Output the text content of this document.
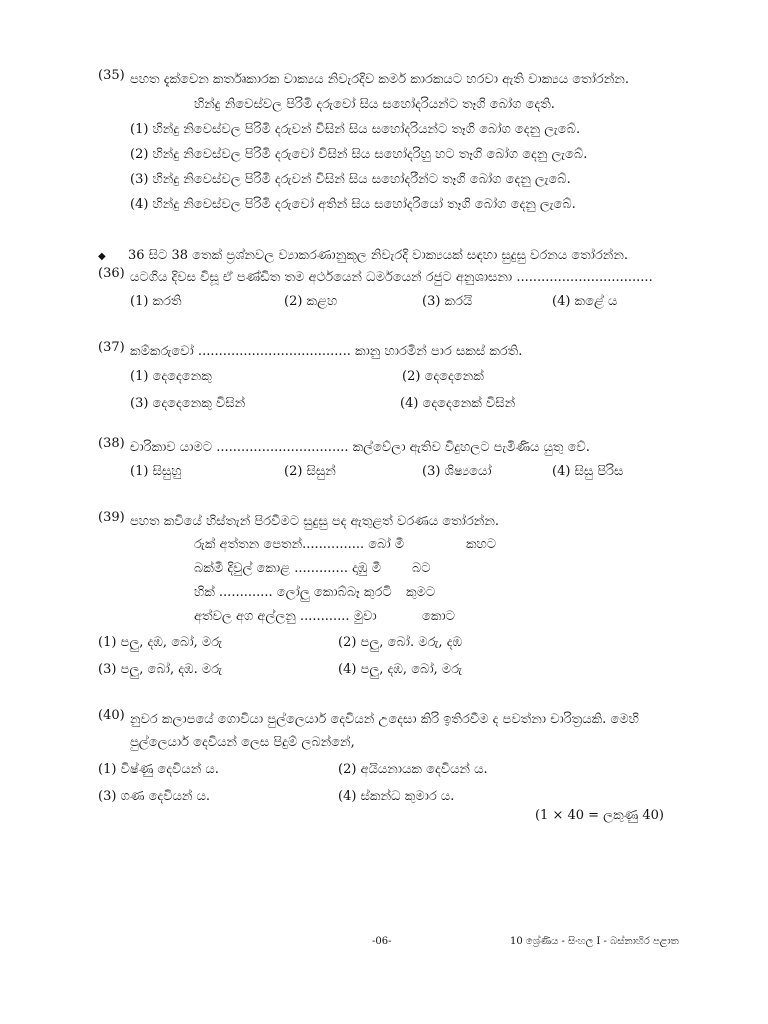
(35) පහත දැක්වෙන කර්තෘකාරක වාක්‍යය නිවැරදිව කර්ම කාරකයට හරවා ඇති වාක්‍යය තෝරන්න.
හින්දු නිවෙස්වල පිරිමි දරුවෝ සිය සහෝදරියන්ට තෑගි බෝග දෙති.
(1) හින්දු නිවෙස්වල පිරිමි දරුවන් විසින් සිය සහෝදරියන්ට තෑගි බෝග දෙනු ලැබේ.
(2) හින්දු නිවෙස්වල පිරිමි දරුවෝ විසින් සිය සහෝදරිහු හට තෑගි බෝග දෙනු ලැබේ.
(3) හින්දු නිවෙස්වල පිරිමි දරුවන් විසින් සිය සහෝදරීන්ට තෑගි බෝග දෙනු ලැබේ.
(4) හින්දු නිවෙස්වල පිරිමි දරුවෝ අතින් සිය සහෝදරියෝ තෑගි බෝග දෙනු ලැබේ.
◆ 36 සිට 38 තෙක් ප්‍රශ්නවල ව්‍යාකරණානුකූල නිවැරදි වාක්‍යයක් සඳහා සුදුසු වරනය තෝරන්න.
(36) යටගිය දිවස විසූ ඒ පණ්ඩිත තම අර්ථයෙන් ධර්මයෙන් රජුට අනුශාසනා .................................
(1) කරති	(2) කළහ	(3) කරයි	(4) කළේ ය
(37) කම්කරුවෝ ..................................... කානු හාරමින් පාර සකස් කරති.
(1) දෙදෙනෙකු	(2) දෙදෙනෙක්
(3) දෙදෙනෙකු විසින්	(4) දෙදෙනෙක් විසින්
(38) චාරිකාව යාමට ................................ කල්වේලා ඇතිව විදුහලට පැමිණිය යුතු වේ.
(1) සිසුහු	(2) සිසුන්	(3) ශිෂ්‍යයෝ	(4) සිසු පිරිස
(39) පහත කවියේ හිස්තැන් පිරවීමට සුදුසු පද ඇතුළත් වරණය තෝරන්න.
රුක් අත්තන පෙතන්............... බෝ මී	කහට
බක්මී දිවුල් කොළ ............. දාඹු මී	බට
හික් ............. ලෝලු කොබ්බෑ කුරටි	කුමට
අත්වල අග අල්ලනු ............ මුවා	කොට
(1) පලු, දඹ, බෝ, මරු	(2) පලු, බෝ. මරු, දඹ
(3) පලු, බෝ, දඹ. මරු	(4) පලු, දඹ, බෝ, මරු
(40) නුවර කලාපයේ ගොවියා පුල්ලෙයාර් දෙවියන් උදෙසා කිරි ඉතිරවීම ද පවත්නා චාරිත්‍රයකි. මෙහි
පුල්ලෙයාර් දෙවියන් ලෙස පිදුම් ලබන්නේ,
(1) විෂ්ණු දෙවියන් ය.	(2) අයියනායක දෙවියන් ය.
(3) ගණ දෙවියන් ය.	(4) ස්කන්ධ කුමාර ය.
(1 × 40 = ලකුණු 40)
-06-	10 ශ්‍රේණිය - සිංහල I - බස්නාහිර පළාත
